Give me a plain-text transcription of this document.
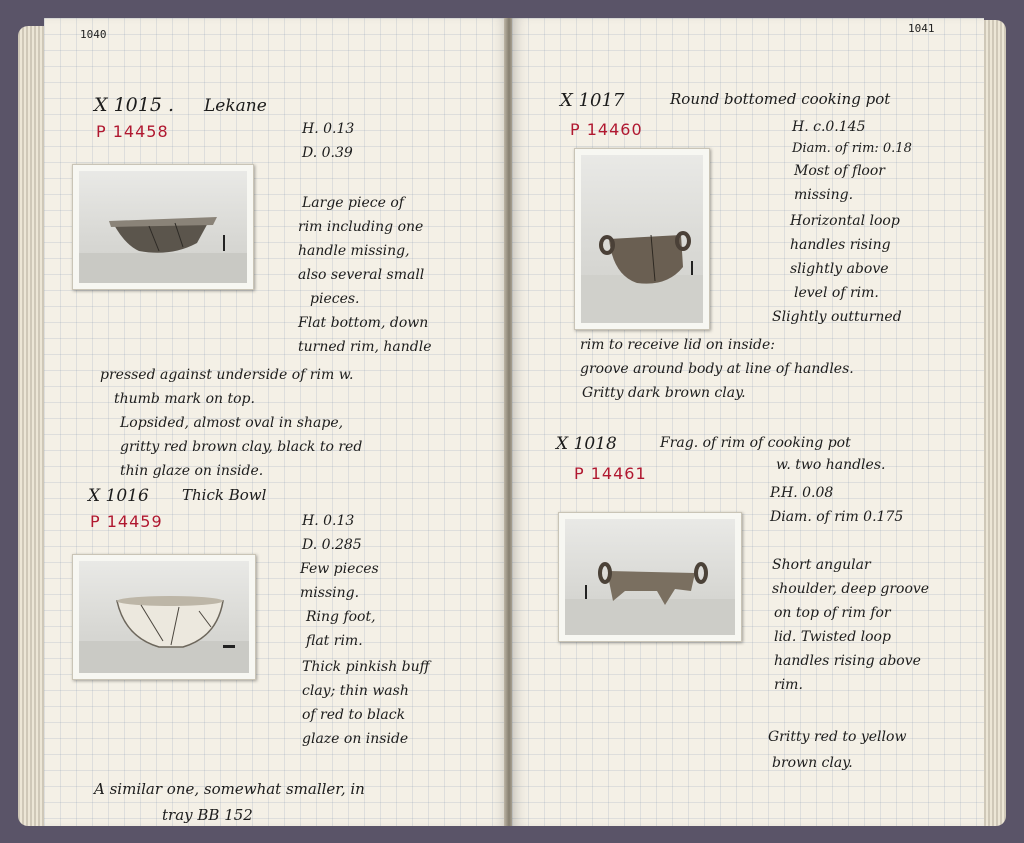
1040
X 1015 . Lekane
P 14458	H. 0.13
D. 0.39
Large piece of
rim including one
handle missing,
also several small
pieces.
Flat bottom, down
turned rim, handle
pressed against underside of rim w.
thumb mark on top.
Lopsided, almost oval in shape,
gritty red brown clay, black to red
thin glaze on inside.
X 1016 Thick Bowl
P 14459	H. 0.13
D. 0.285
Few pieces
missing.
Ring foot,
flat rim.
Thick pinkish buff
clay; thin wash
of red to black
glaze on inside
A similar one, somewhat smaller, in
tray BB 152
1041
X 1017	Round bottomed cooking pot
P 14460	H. c.0.145
Diam. of rim: 0.18
Most of floor
missing.
Horizontal loop
handles rising
slightly above
level of rim.
Slightly outturned
rim to receive lid on inside:
groove around body at line of handles.
Gritty dark brown clay.
X 1018	Frag. of rim of cooking pot
w. two handles.
P 14461
P.H. 0.08
Diam. of rim 0.175
Short angular
shoulder, deep groove
on top of rim for
lid. Twisted loop
handles rising above
rim.
Gritty red to yellow
brown clay.
